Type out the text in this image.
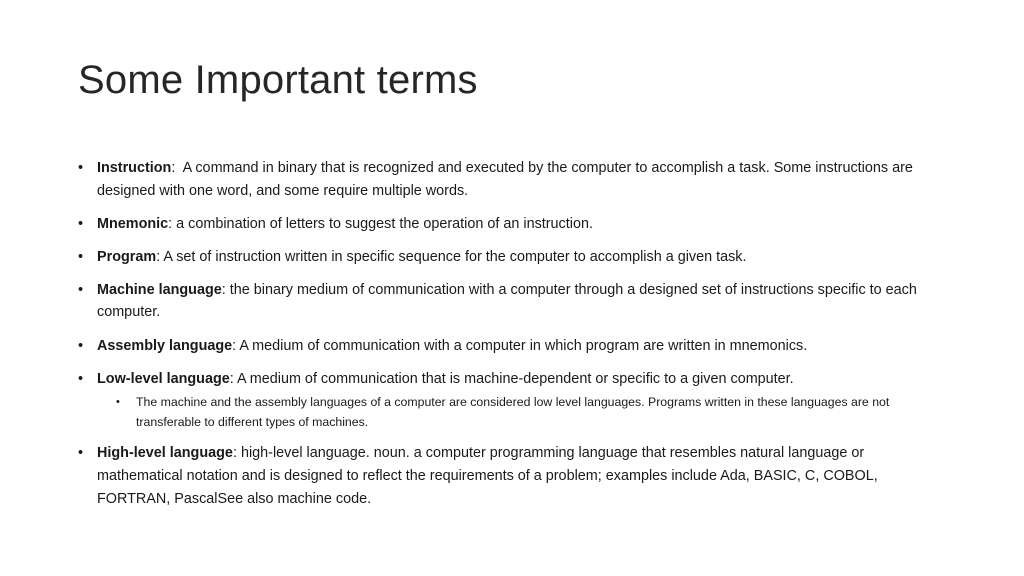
Some Important terms
• Instruction:  A command in binary that is recognized and executed by the computer to accomplish a task. Some instructions are designed with one word, and some require multiple words.
• Mnemonic: a combination of letters to suggest the operation of an instruction.
• Program: A set of instruction written in specific sequence for the computer to accomplish a given task.
• Machine language: the binary medium of communication with a computer through a designed set of instructions specific to each computer.
• Assembly language: A medium of communication with a computer in which program are written in mnemonics.
• Low-level language: A medium of communication that is machine-dependent or specific to a given computer.
•	The machine and the assembly languages of a computer are considered low level languages. Programs written in these languages are not transferable to different types of machines.
• High-level language: high-level language. noun. a computer programming language that resembles natural language or mathematical notation and is designed to reflect the requirements of a problem; examples include Ada, BASIC, C, COBOL, FORTRAN, PascalSee also machine code.
